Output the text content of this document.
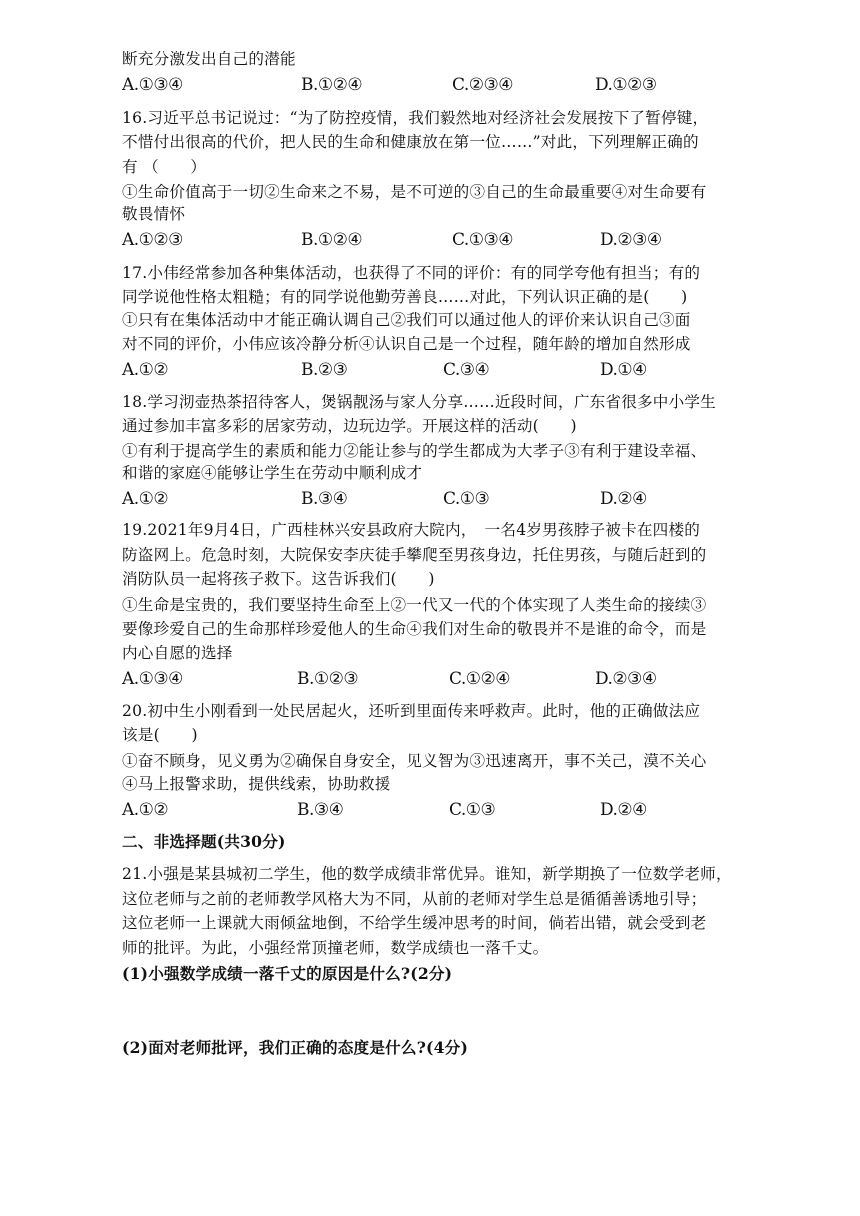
断充分激发出自己的潜能
A.①③④	B.①②④	C.②③④	D.①②③
16.习近平总书记说过：“为了防控疫情，我们毅然地对经济社会发展按下了暂停键，
不惜付出很高的代价，把人民的生命和健康放在第一位……”对此，下列理解正确的
有 （　　）
①生命价值高于一切②生命来之不易，是不可逆的③自己的生命最重要④对生命要有
敬畏情怀
A.①②③	B.①②④	C.①③④	D.②③④
17.小伟经常参加各种集体活动，也获得了不同的评价：有的同学夸他有担当；有的
同学说他性格太粗糙；有的同学说他勤劳善良……对此，下列认识正确的是(　　)
①只有在集体活动中才能正确认调自己②我们可以通过他人的评价来认识自己③面
对不同的评价，小伟应该冷静分析④认识自己是一个过程，随年龄的增加自然形成
A.①②	B.②③	C.③④	D.①④
18.学习沏壶热茶招待客人，煲锅靓汤与家人分享……近段时间，广东省很多中小学生
通过参加丰富多彩的居家劳动，边玩边学。开展这样的活动(　　)
①有利于提高学生的素质和能力②能让参与的学生都成为大孝子③有利于建设幸福、
和谐的家庭④能够让学生在劳动中顺利成才
A.①②	B.③④	C.①③	D.②④
19.2021年9月4日，广西桂林兴安县政府大院内，　一名4岁男孩脖子被卡在四楼的
防盗网上。危急时刻，大院保安李庆徒手攀爬至男孩身边，托住男孩，与随后赶到的
消防队员一起将孩子救下。这告诉我们(　　)
①生命是宝贵的，我们要坚持生命至上②一代又一代的个体实现了人类生命的接续③
要像珍爱自己的生命那样珍爱他人的生命④我们对生命的敬畏并不是谁的命令，而是
内心自愿的选择
A.①③④	B.①②③	C.①②④	D.②③④
20.初中生小刚看到一处民居起火，还听到里面传来呼救声。此时，他的正确做法应
该是(　　)
①奋不顾身，见义勇为②确保自身安全，见义智为③迅速离开，事不关己，漠不关心
④马上报警求助，提供线索，协助救援
A.①②	B.③④	C.①③	D.②④
二、非选择题(共30分)
21.小强是某县城初二学生，他的数学成绩非常优异。谁知，新学期换了一位数学老师，
这位老师与之前的老师教学风格大为不同，从前的老师对学生总是循循善诱地引导；
这位老师一上课就大雨倾盆地倒，不给学生缓冲思考的时间，倘若出错，就会受到老
师的批评。为此，小强经常顶撞老师，数学成绩也一落千丈。
(1)小强数学成绩一落千丈的原因是什么?(2分)
(2)面对老师批评，我们正确的态度是什么?(4分)
